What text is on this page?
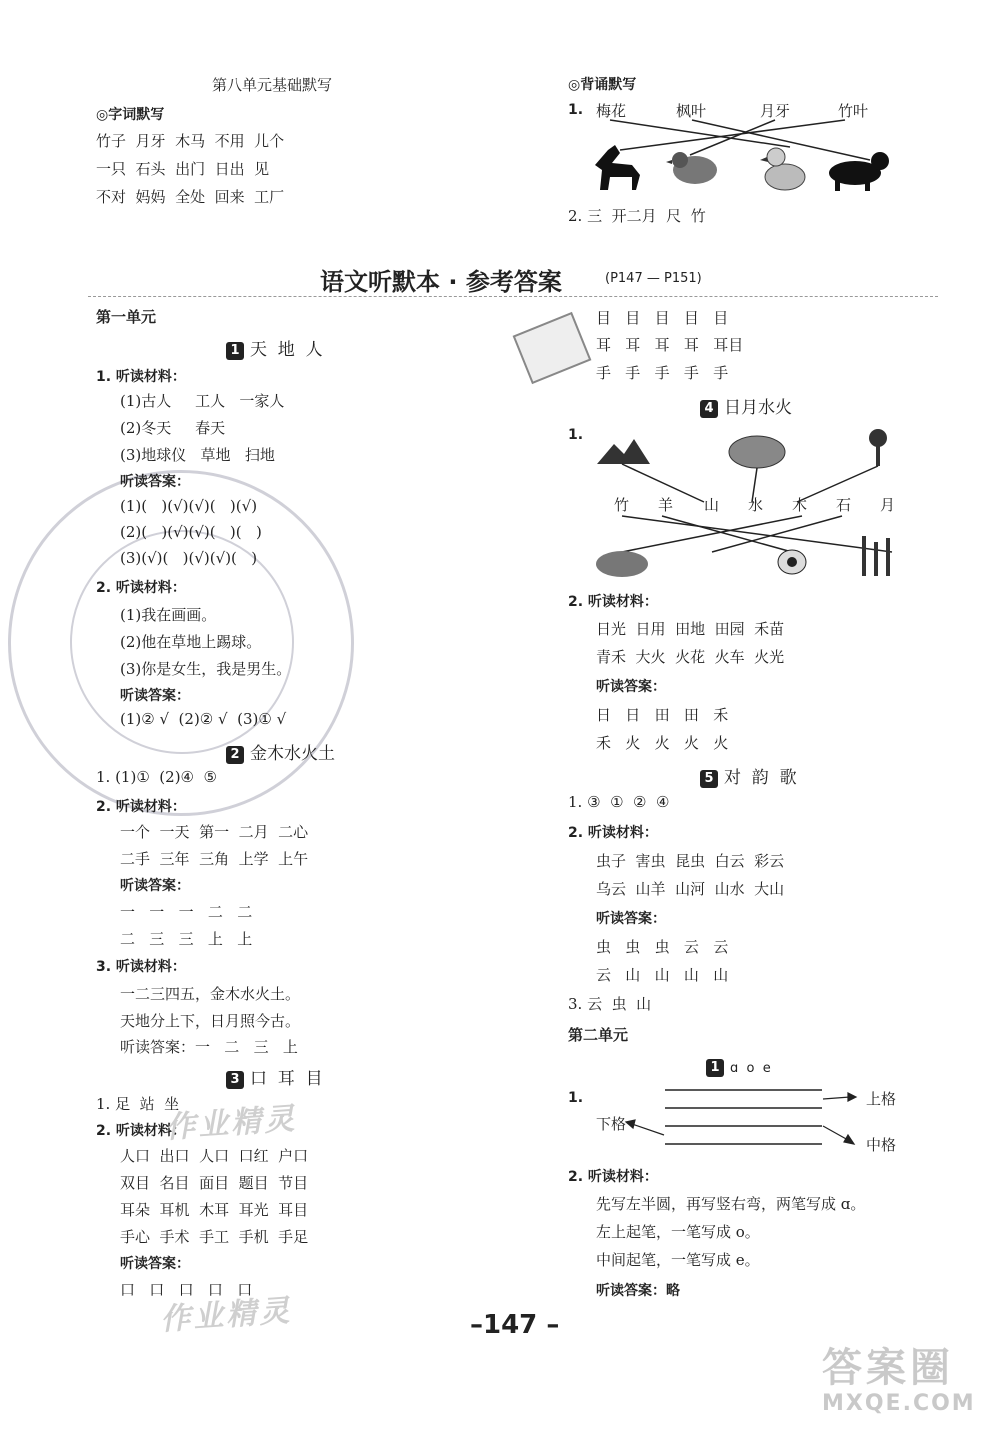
第八单元基础默写
◎字词默写
竹子  月牙  木马  不用  儿个
一只  石头  出门  日出  见
不对  妈妈  全处  回来  工厂
◎背诵默写
1. 梅花	枫叶	月牙	竹叶
2. 三  开二月  尺  竹
语文听默本 · 参考答案	(P147 — P151)
第一单元
1 天  地  人
1. 听读材料：
(1)古人     工人   一家人
(2)冬天     春天
(3)地球仪   草地   扫地
听读答案：
(1)(   )(√)(√)(   )(√)
(2)(   )(√)(√)(   )(   )
(3)(√)(   )(√)(√)(   )
2. 听读材料：
(1)我在画画。
(2)他在草地上踢球。
(3)你是女生，我是男生。
听读答案：
(1)② √  (2)② √  (3)① √
2 金木水火土
1. (1)①  (2)④  ⑤
2. 听读材料：
一个  一天  第一  二月  二心
二手  三年  三角  上学  上午
听读答案：
一   一   一   二   二
二   三   三   上   上
3. 听读材料：
一二三四五，金木水火土。
天地分上下，日月照今古。
听读答案：一   二   三   上
3 口  耳  目
1. 足  站  坐
2. 听读材料：
人口  出口  人口  口红  户口
双目  名目  面目  题目  节目
耳朵  耳机  木耳  耳光  耳目
手心  手术  手工  手机  手足
听读答案：
口   口   口   口   口
作业精灵
作业精灵
目   目   目   目   目
耳   耳   耳   耳   耳目
手   手   手   手   手
4 日月水火
1.
竹 羊 山 水 木 石 月
2. 听读材料：
日光  日用  田地  田园  禾苗
青禾  大火  火花  火车  火光
听读答案：
日   日   田   田   禾
禾   火   火   火   火
5 对  韵  歌
1. ③  ①  ②  ④
2. 听读材料：
虫子  害虫  昆虫  白云  彩云
乌云  山羊  山河  山水  大山
听读答案：
虫   虫   虫   云   云
云   山   山   山   山
3. 云  虫  山
第二单元
1 ɑ  o  e
1.	上格
下格
中格
2. 听读材料：
先写左半圆，再写竖右弯，两笔写成 ɑ。
左上起笔，一笔写成 o。
中间起笔，一笔写成 e。
听读答案：略
–147 –
答案圈
MXQE.COM
